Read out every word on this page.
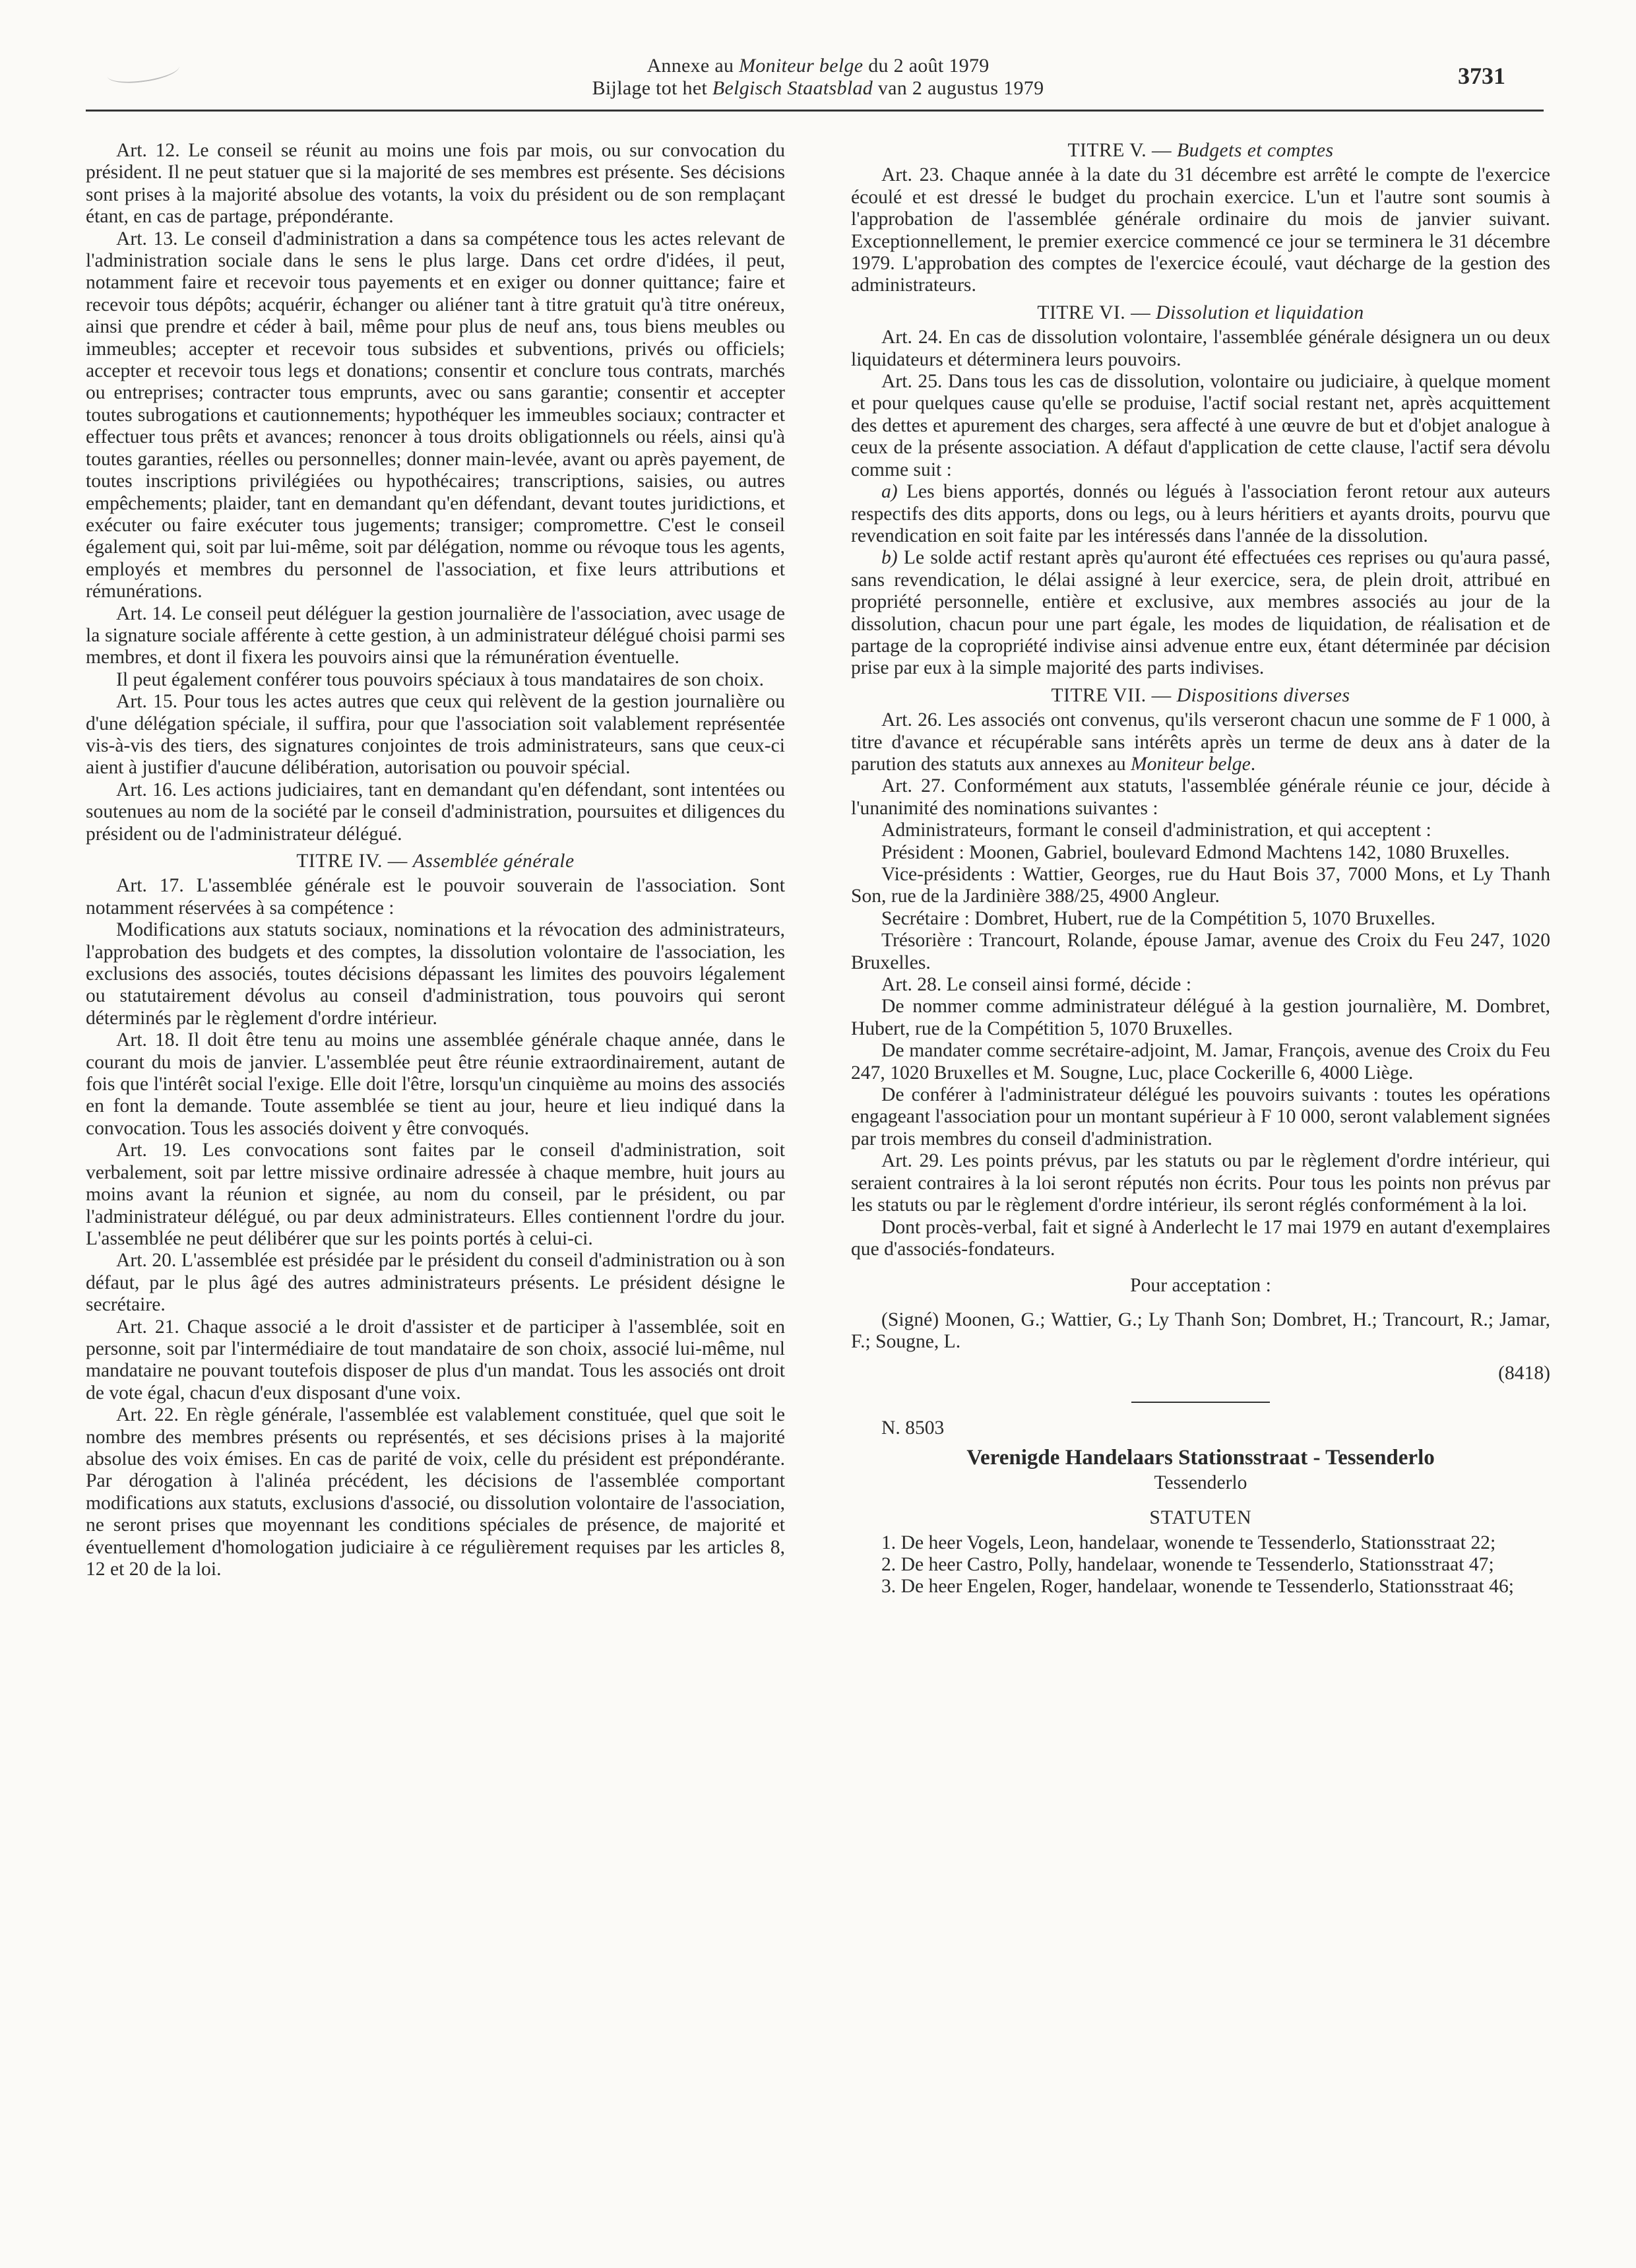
Annexe au Moniteur belge du 2 août 1979
Bijlage tot het Belgisch Staatsblad van 2 augustus 1979	3731

Art. 12. Le conseil se réunit au moins une fois par mois, ou sur convocation du président. Il ne peut statuer que si la majorité de ses membres est présente. Ses décisions sont prises à la majorité absolue des votants, la voix du président ou de son remplaçant étant, en cas de partage, prépondérante.

Art. 13. Le conseil d'administration a dans sa compétence tous les actes relevant de l'administration sociale dans le sens le plus large. Dans cet ordre d'idées, il peut, notamment faire et recevoir tous payements et en exiger ou donner quittance; faire et recevoir tous dépôts; acquérir, échanger ou aliéner tant à titre gratuit qu'à titre onéreux, ainsi que prendre et céder à bail, même pour plus de neuf ans, tous biens meubles ou immeubles; accepter et recevoir tous subsides et subventions, privés ou officiels; accepter et recevoir tous legs et donations; consentir et conclure tous contrats, marchés ou entreprises; contracter tous emprunts, avec ou sans garantie; consentir et accepter toutes subrogations et cautionnements; hypothéquer les immeubles sociaux; contracter et effectuer tous prêts et avances; renoncer à tous droits obligationnels ou réels, ainsi qu'à toutes garanties, réelles ou personnelles; donner main-levée, avant ou après payement, de toutes inscriptions privilégiées ou hypothécaires; transcriptions, saisies, ou autres empêchements; plaider, tant en demandant qu'en défendant, devant toutes juridictions, et exécuter ou faire exécuter tous jugements; transiger; compromettre. C'est le conseil également qui, soit par lui-même, soit par délégation, nomme ou révoque tous les agents, employés et membres du personnel de l'association, et fixe leurs attributions et rémunérations.

Art. 14. Le conseil peut déléguer la gestion journalière de l'association, avec usage de la signature sociale afférente à cette gestion, à un administrateur délégué choisi parmi ses membres, et dont il fixera les pouvoirs ainsi que la rémunération éventuelle.

Il peut également conférer tous pouvoirs spéciaux à tous mandataires de son choix.

Art. 15. Pour tous les actes autres que ceux qui relèvent de la gestion journalière ou d'une délégation spéciale, il suffira, pour que l'association soit valablement représentée vis-à-vis des tiers, des signatures conjointes de trois administrateurs, sans que ceux-ci aient à justifier d'aucune délibération, autorisation ou pouvoir spécial.

Art. 16. Les actions judiciaires, tant en demandant qu'en défendant, sont intentées ou soutenues au nom de la société par le conseil d'administration, poursuites et diligences du président ou de l'administrateur délégué.

TITRE IV. — Assemblée générale

Art. 17. L'assemblée générale est le pouvoir souverain de l'association. Sont notamment réservées à sa compétence :

Modifications aux statuts sociaux, nominations et la révocation des administrateurs, l'approbation des budgets et des comptes, la dissolution volontaire de l'association, les exclusions des associés, toutes décisions dépassant les limites des pouvoirs légalement ou statutairement dévolus au conseil d'administration, tous pouvoirs qui seront déterminés par le règlement d'ordre intérieur.

Art. 18. Il doit être tenu au moins une assemblée générale chaque année, dans le courant du mois de janvier. L'assemblée peut être réunie extraordinairement, autant de fois que l'intérêt social l'exige. Elle doit l'être, lorsqu'un cinquième au moins des associés en font la demande. Toute assemblée se tient au jour, heure et lieu indiqué dans la convocation. Tous les associés doivent y être convoqués.

Art. 19. Les convocations sont faites par le conseil d'administration, soit verbalement, soit par lettre missive ordinaire adressée à chaque membre, huit jours au moins avant la réunion et signée, au nom du conseil, par le président, ou par l'administrateur délégué, ou par deux administrateurs. Elles contiennent l'ordre du jour. L'assemblée ne peut délibérer que sur les points portés à celui-ci.

Art. 20. L'assemblée est présidée par le président du conseil d'administration ou à son défaut, par le plus âgé des autres administrateurs présents. Le président désigne le secrétaire.

Art. 21. Chaque associé a le droit d'assister et de participer à l'assemblée, soit en personne, soit par l'intermédiaire de tout mandataire de son choix, associé lui-même, nul mandataire ne pouvant toutefois disposer de plus d'un mandat. Tous les associés ont droit de vote égal, chacun d'eux disposant d'une voix.

Art. 22. En règle générale, l'assemblée est valablement constituée, quel que soit le nombre des membres présents ou représentés, et ses décisions prises à la majorité absolue des voix émises. En cas de parité de voix, celle du président est prépondérante. Par dérogation à l'alinéa précédent, les décisions de l'assemblée comportant modifications aux statuts, exclusions d'associé, ou dissolution volontaire de l'association, ne seront prises que moyennant les conditions spéciales de présence, de majorité et éventuellement d'homologation judiciaire à ce régulièrement requises par les articles 8, 12 et 20 de la loi.

TITRE V. — Budgets et comptes

Art. 23. Chaque année à la date du 31 décembre est arrêté le compte de l'exercice écoulé et est dressé le budget du prochain exercice. L'un et l'autre sont soumis à l'approbation de l'assemblée générale ordinaire du mois de janvier suivant. Exceptionnellement, le premier exercice commencé ce jour se terminera le 31 décembre 1979. L'approbation des comptes de l'exercice écoulé, vaut décharge de la gestion des administrateurs.

TITRE VI. — Dissolution et liquidation

Art. 24. En cas de dissolution volontaire, l'assemblée générale désignera un ou deux liquidateurs et déterminera leurs pouvoirs.

Art. 25. Dans tous les cas de dissolution, volontaire ou judiciaire, à quelque moment et pour quelques cause qu'elle se produise, l'actif social restant net, après acquittement des dettes et apurement des charges, sera affecté à une œuvre de but et d'objet analogue à ceux de la présente association. A défaut d'application de cette clause, l'actif sera dévolu comme suit :

a) Les biens apportés, donnés ou légués à l'association feront retour aux auteurs respectifs des dits apports, dons ou legs, ou à leurs héritiers et ayants droits, pourvu que revendication en soit faite par les intéressés dans l'année de la dissolution.

b) Le solde actif restant après qu'auront été effectuées ces reprises ou qu'aura passé, sans revendication, le délai assigné à leur exercice, sera, de plein droit, attribué en propriété personnelle, entière et exclusive, aux membres associés au jour de la dissolution, chacun pour une part égale, les modes de liquidation, de réalisation et de partage de la copropriété indivise ainsi advenue entre eux, étant déterminée par décision prise par eux à la simple majorité des parts indivises.

TITRE VII. — Dispositions diverses

Art. 26. Les associés ont convenus, qu'ils verseront chacun une somme de F 1 000, à titre d'avance et récupérable sans intérêts après un terme de deux ans à dater de la parution des statuts aux annexes au Moniteur belge.

Art. 27. Conformément aux statuts, l'assemblée générale réunie ce jour, décide à l'unanimité des nominations suivantes :

Administrateurs, formant le conseil d'administration, et qui acceptent :

Président : Moonen, Gabriel, boulevard Edmond Machtens 142, 1080 Bruxelles.

Vice-présidents : Wattier, Georges, rue du Haut Bois 37, 7000 Mons, et Ly Thanh Son, rue de la Jardinière 388/25, 4900 Angleur.

Secrétaire : Dombret, Hubert, rue de la Compétition 5, 1070 Bruxelles.

Trésorière : Trancourt, Rolande, épouse Jamar, avenue des Croix du Feu 247, 1020 Bruxelles.

Art. 28. Le conseil ainsi formé, décide :

De nommer comme administrateur délégué à la gestion journalière, M. Dombret, Hubert, rue de la Compétition 5, 1070 Bruxelles.

De mandater comme secrétaire-adjoint, M. Jamar, François, avenue des Croix du Feu 247, 1020 Bruxelles et M. Sougne, Luc, place Cockerille 6, 4000 Liège.

De conférer à l'administrateur délégué les pouvoirs suivants : toutes les opérations engageant l'association pour un montant supérieur à F 10 000, seront valablement signées par trois membres du conseil d'administration.

Art. 29. Les points prévus, par les statuts ou par le règlement d'ordre intérieur, qui seraient contraires à la loi seront réputés non écrits. Pour tous les points non prévus par les statuts ou par le règlement d'ordre intérieur, ils seront réglés conformément à la loi.

Dont procès-verbal, fait et signé à Anderlecht le 17 mai 1979 en autant d'exemplaires que d'associés-fondateurs.

Pour acceptation :

(Signé) Moonen, G.; Wattier, G.; Ly Thanh Son; Dombret, H.; Trancourt, R.; Jamar, F.; Sougne, L.

(8418)

N. 8503

Verenigde Handelaars Stationsstraat - Tessenderlo
Tessenderlo
STATUTEN

1. De heer Vogels, Leon, handelaar, wonende te Tessenderlo, Stationsstraat 22;

2. De heer Castro, Polly, handelaar, wonende te Tessenderlo, Stationsstraat 47;

3. De heer Engelen, Roger, handelaar, wonende te Tessenderlo, Stationsstraat 46;
